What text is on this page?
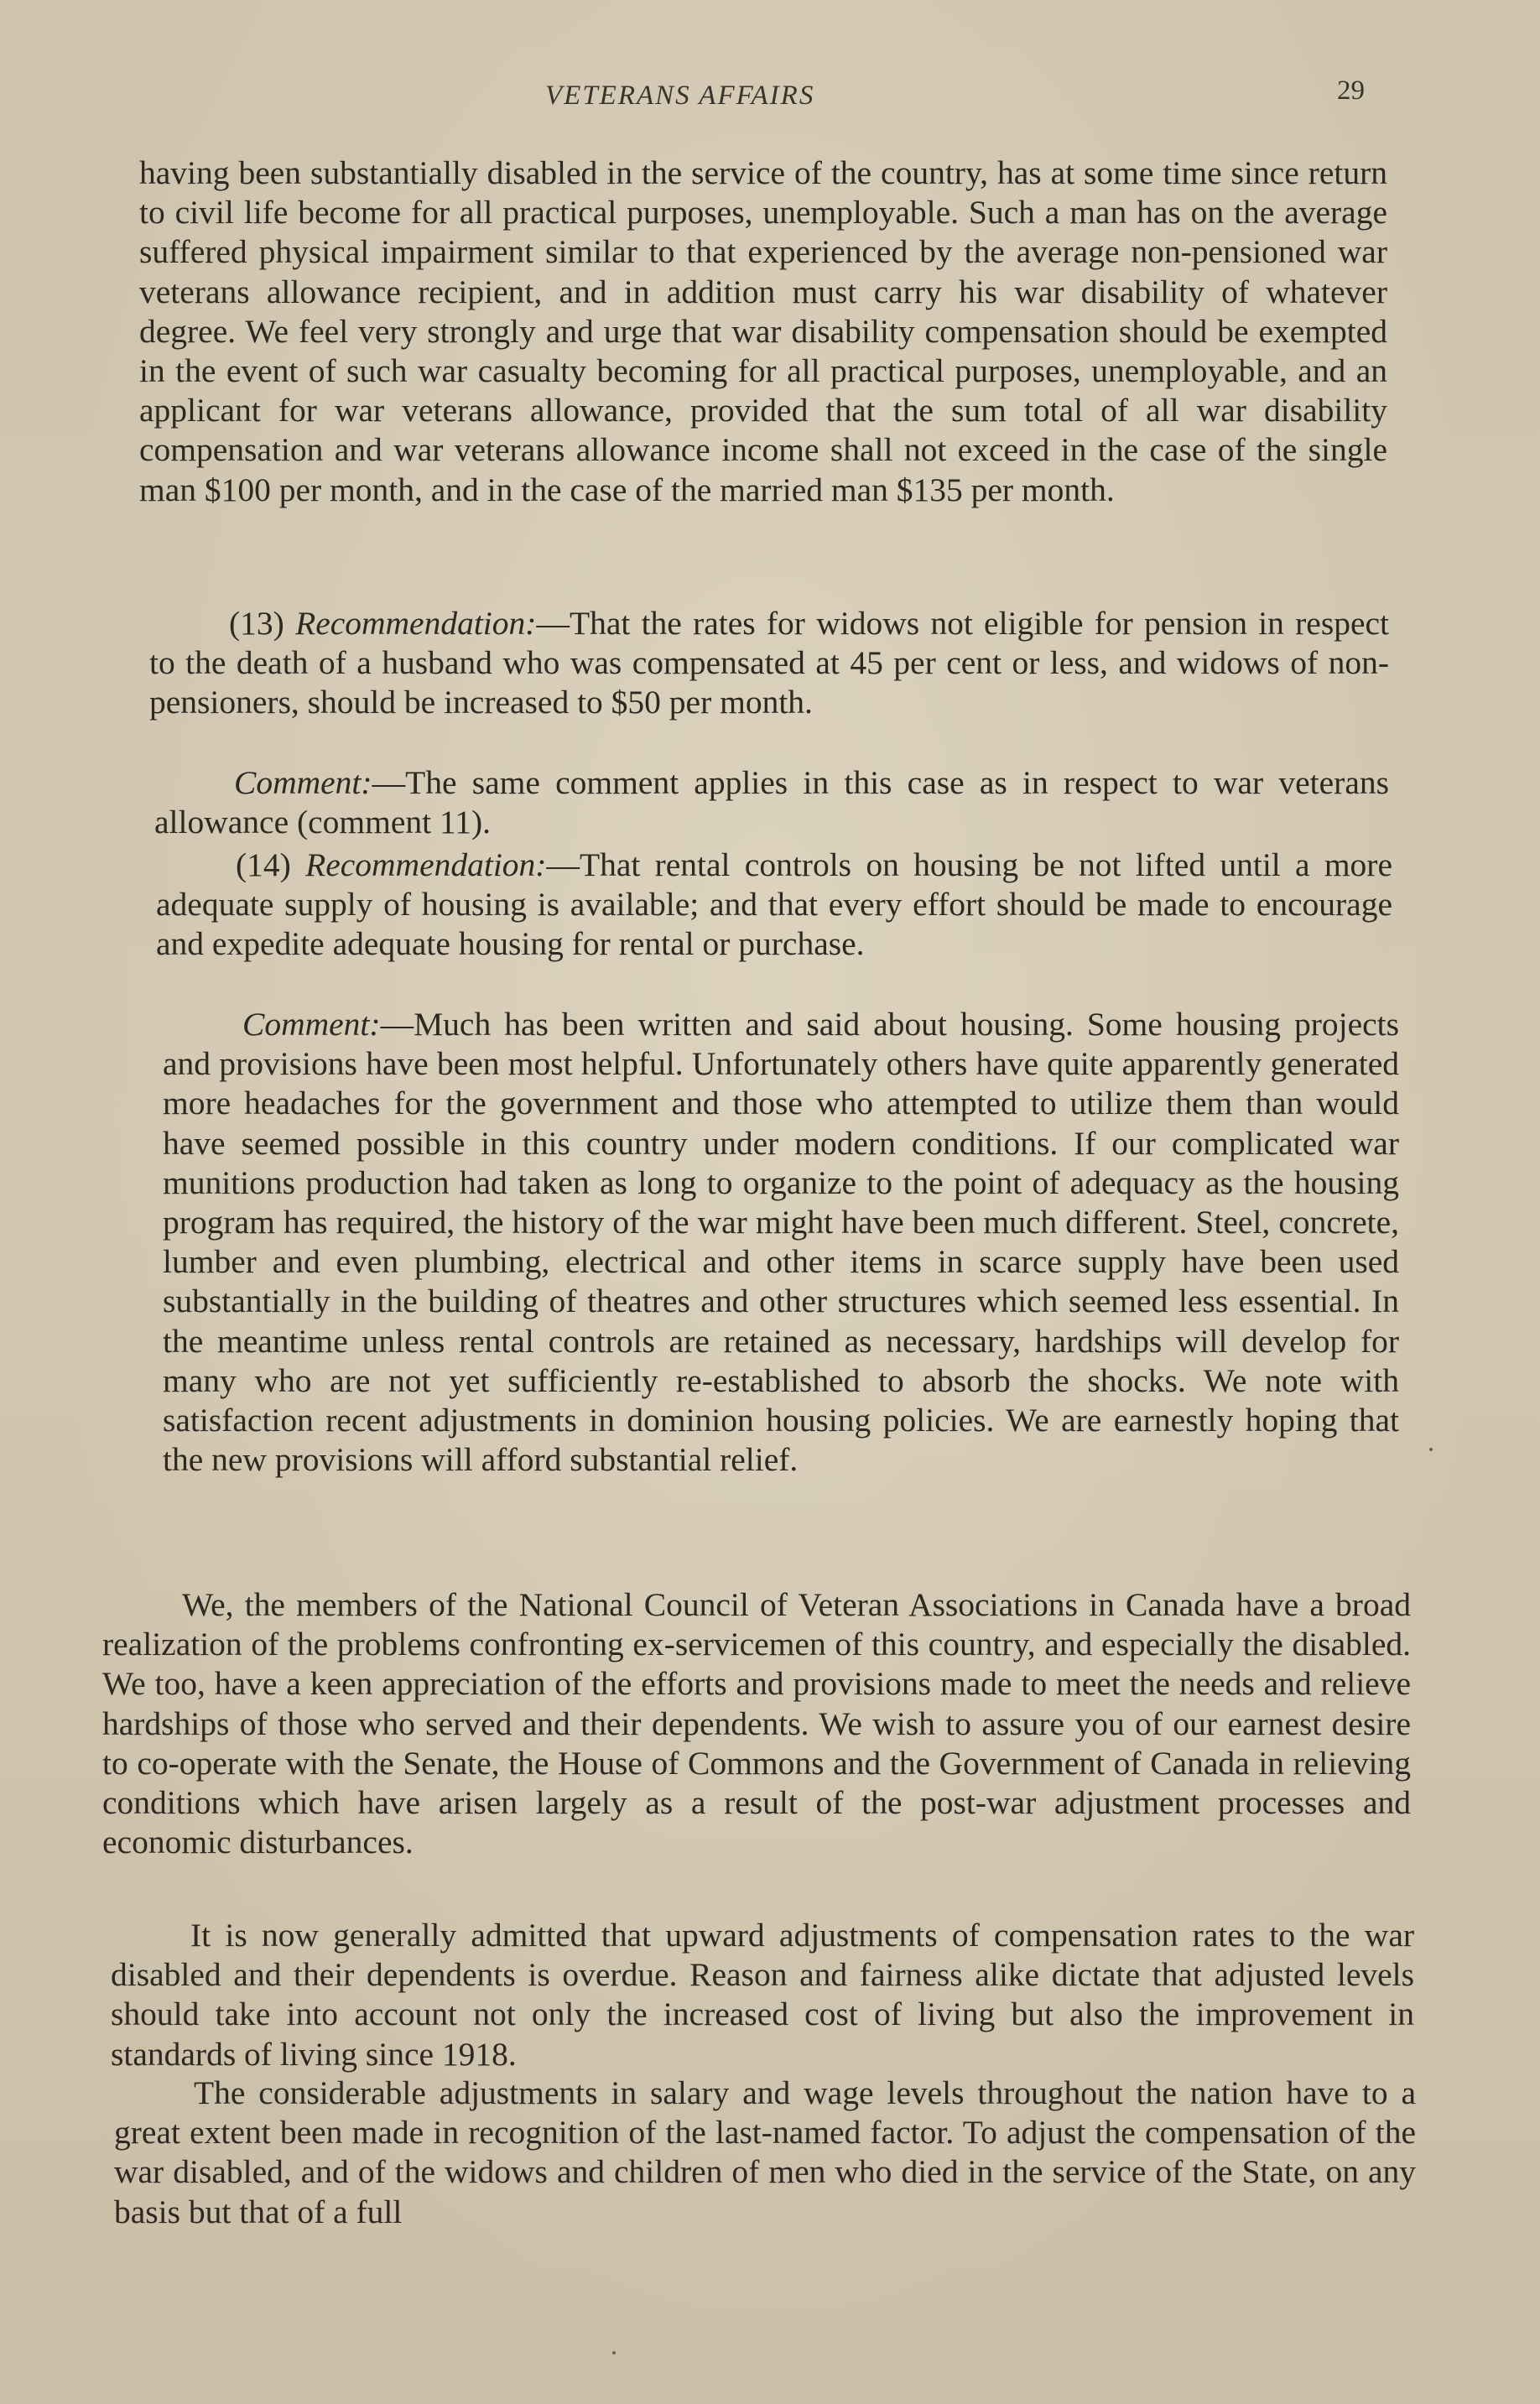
VETERANS AFFAIRS	29

having been substantially disabled in the service of the country, has at some time since return to civil life become for all practical purposes, unemployable. Such a man has on the average suffered physical impairment similar to that experienced by the average non-pensioned war veterans allowance recipient, and in addition must carry his war disability of whatever degree. We feel very strongly and urge that war disability compensation should be exempted in the event of such war casualty becoming for all practical purposes, unemployable, and an applicant for war veterans allowance, provided that the sum total of all war disability compensation and war veterans allowance income shall not exceed in the case of the single man $100 per month, and in the case of the married man $135 per month.

(13) Recommendation:—That the rates for widows not eligible for pension in respect to the death of a husband who was compensated at 45 per cent or less, and widows of non-pensioners, should be increased to $50 per month.

Comment:—The same comment applies in this case as in respect to war veterans allowance (comment 11).

(14) Recommendation:—That rental controls on housing be not lifted until a more adequate supply of housing is available; and that every effort should be made to encourage and expedite adequate housing for rental or purchase.

Comment:—Much has been written and said about housing. Some housing projects and provisions have been most helpful. Unfortunately others have quite apparently generated more headaches for the government and those who attempted to utilize them than would have seemed possible in this country under modern conditions. If our complicated war munitions production had taken as long to organize to the point of adequacy as the housing program has required, the history of the war might have been much different. Steel, concrete, lumber and even plumbing, electrical and other items in scarce supply have been used substantially in the building of theatres and other structures which seemed less essential. In the meantime unless rental controls are retained as necessary, hardships will develop for many who are not yet sufficiently re-established to absorb the shocks. We note with satisfaction recent adjustments in dominion housing policies. We are earnestly hoping that the new provisions will afford substantial relief.

We, the members of the National Council of Veteran Associations in Canada have a broad realization of the problems confronting ex-servicemen of this country, and especially the disabled. We too, have a keen appreciation of the efforts and provisions made to meet the needs and relieve hardships of those who served and their dependents. We wish to assure you of our earnest desire to co-operate with the Senate, the House of Commons and the Government of Canada in relieving conditions which have arisen largely as a result of the post-war adjustment processes and economic disturbances.

It is now generally admitted that upward adjustments of compensation rates to the war disabled and their dependents is overdue. Reason and fairness alike dictate that adjusted levels should take into account not only the increased cost of living but also the improvement in standards of living since 1918.

The considerable adjustments in salary and wage levels throughout the nation have to a great extent been made in recognition of the last-named factor. To adjust the compensation of the war disabled, and of the widows and children of men who died in the service of the State, on any basis but that of a full
